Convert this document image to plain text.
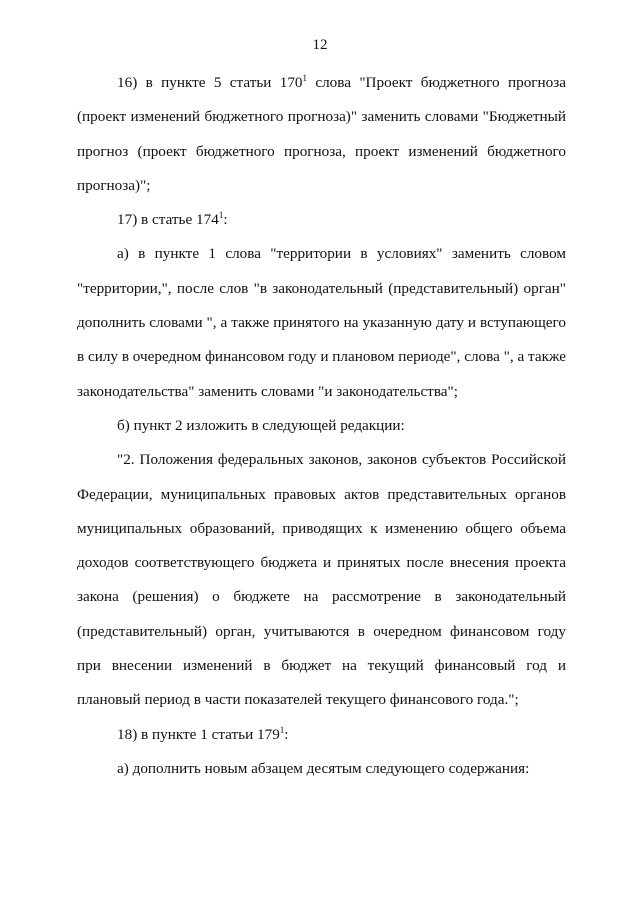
12

16) в пункте 5 статьи $170^1$ слова "Проект бюджетного прогноза (проект изменений бюджетного прогноза)" заменить словами "Бюджетный прогноз (проект бюджетного прогноза, проект изменений бюджетного прогноза)";

17) в статье $174^1$:

а) в пункте 1 слова "территории в условиях" заменить словом "территории,", после слов "в законодательный (представительный) орган" дополнить словами ", а также принятого на указанную дату и вступающего в силу в очередном финансовом году и плановом периоде", слова ", а также законодательства" заменить словами "и законодательства";

б) пункт 2 изложить в следующей редакции:

"2. Положения федеральных законов, законов субъектов Российской Федерации, муниципальных правовых актов представительных органов муниципальных образований, приводящих к изменению общего объема доходов соответствующего бюджета и принятых после внесения проекта закона (решения) о бюджете на рассмотрение в законодательный (представительный) орган, учитываются в очередном финансовом году при внесении изменений в бюджет на текущий финансовый год и плановый период в части показателей текущего финансового года.";

18) в пункте 1 статьи $179^1$:

а) дополнить новым абзацем десятым следующего содержания:
